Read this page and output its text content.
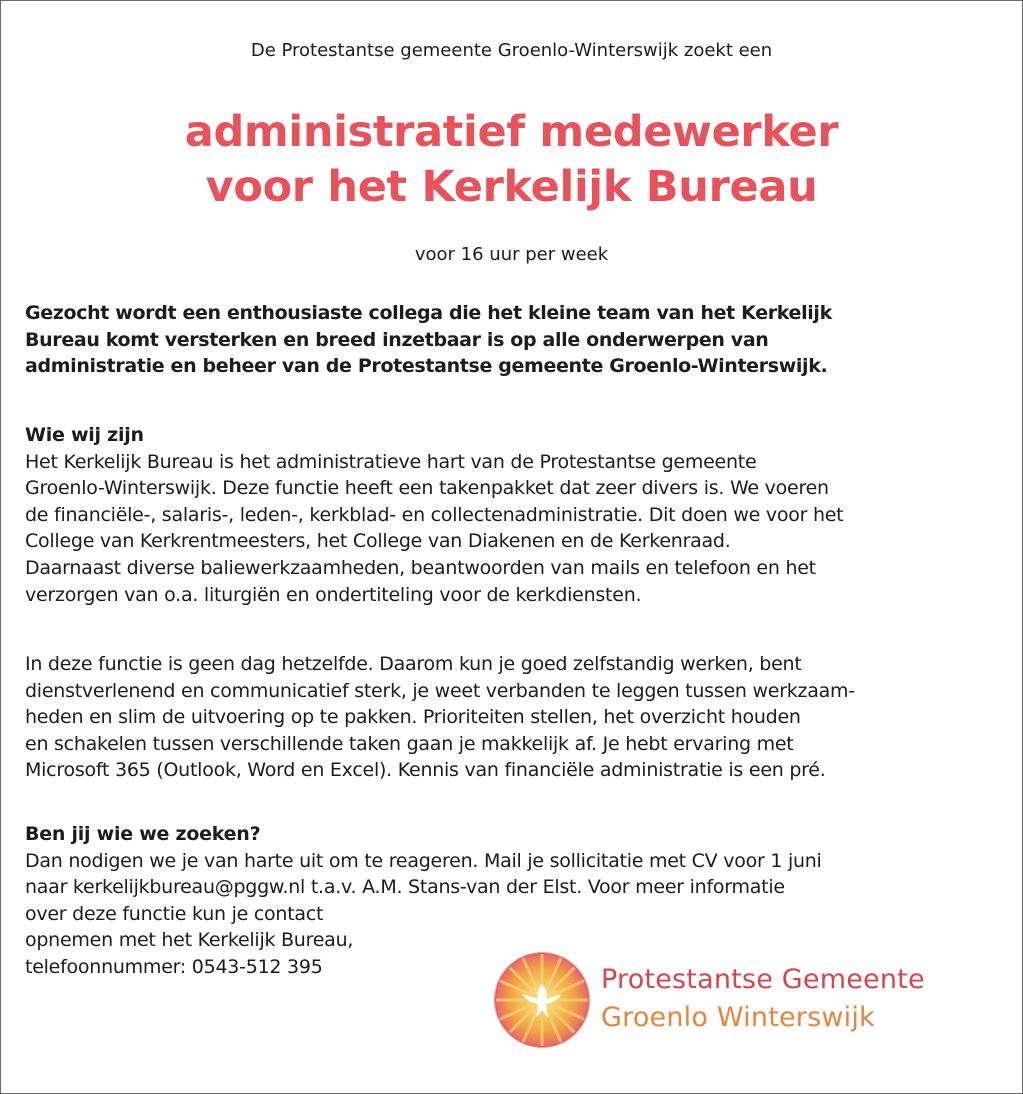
De Protestantse gemeente Groenlo-Winterswijk zoekt een
administratief medewerker
voor het Kerkelijk Bureau
voor 16 uur per week
Gezocht wordt een enthousiaste collega die het kleine team van het Kerkelijk
Bureau komt versterken en breed inzetbaar is op alle onderwerpen van
administratie en beheer van de Protestantse gemeente Groenlo-Winterswijk.
Wie wij zijn
Het Kerkelijk Bureau is het administratieve hart van de Protestantse gemeente
Groenlo-Winterswijk. Deze functie heeft een takenpakket dat zeer divers is. We voeren
de financiële-, salaris-, leden-, kerkblad- en collectenadministratie. Dit doen we voor het
College van Kerkrentmeesters, het College van Diakenen en de Kerkenraad.
Daarnaast diverse baliewerkzaamheden, beantwoorden van mails en telefoon en het
verzorgen van o.a. liturgiën en ondertiteling voor de kerkdiensten.
In deze functie is geen dag hetzelfde. Daarom kun je goed zelfstandig werken, bent
dienstverlenend en communicatief sterk, je weet verbanden te leggen tussen werkzaam-
heden en slim de uitvoering op te pakken. Prioriteiten stellen, het overzicht houden
en schakelen tussen verschillende taken gaan je makkelijk af. Je hebt ervaring met
Microsoft 365 (Outlook, Word en Excel). Kennis van financiële administratie is een pré.
Ben jij wie we zoeken?
Dan nodigen we je van harte uit om te reageren. Mail je sollicitatie met CV voor 1 juni
naar kerkelijkbureau@pggw.nl t.a.v. A.M. Stans-van der Elst. Voor meer informatie
over deze functie kun je contact
opnemen met het Kerkelijk Bureau,
telefoonnummer: 0543-512 395	Protestantse Gemeente
Groenlo Winterswijk
